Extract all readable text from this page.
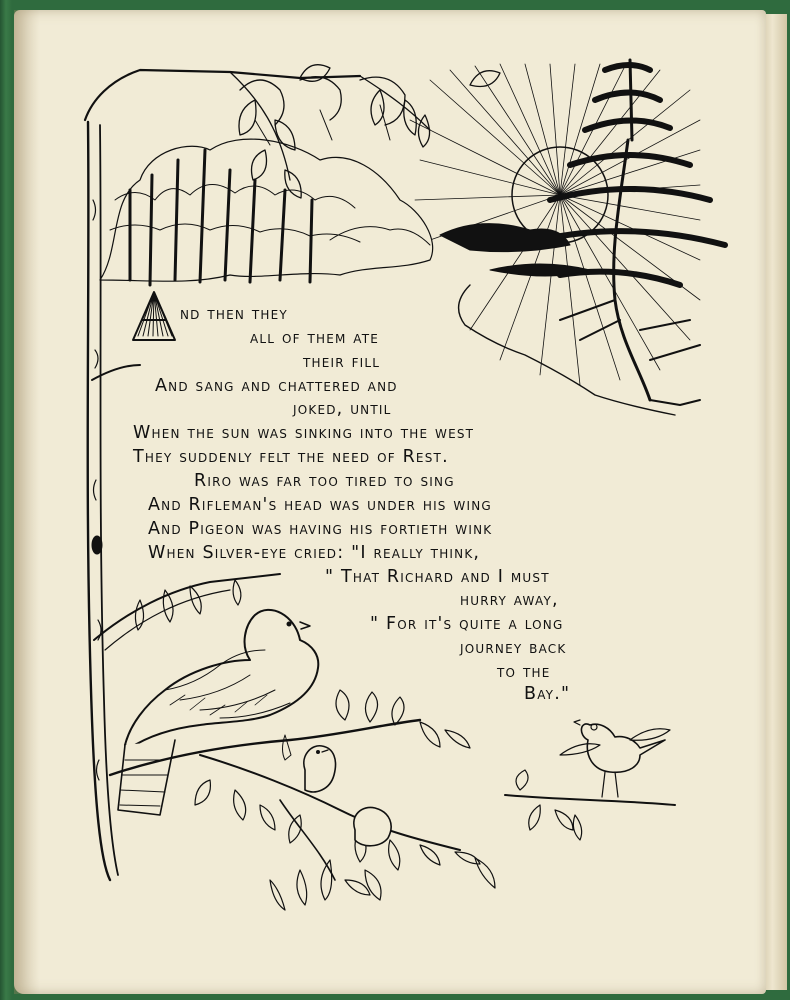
nd then they
all of them ate
their fill
And sang and chattered and
joked, until
When the sun was sinking into the west
They suddenly felt the need of Rest.
Riro was far too tired to sing
And Rifleman's head was under his wing
And Pigeon was having his fortieth wink
When Silver-eye cried: "I really think,
" That Richard and I must
hurry away,
" For it's quite a long
journey back
to the
Bay."
